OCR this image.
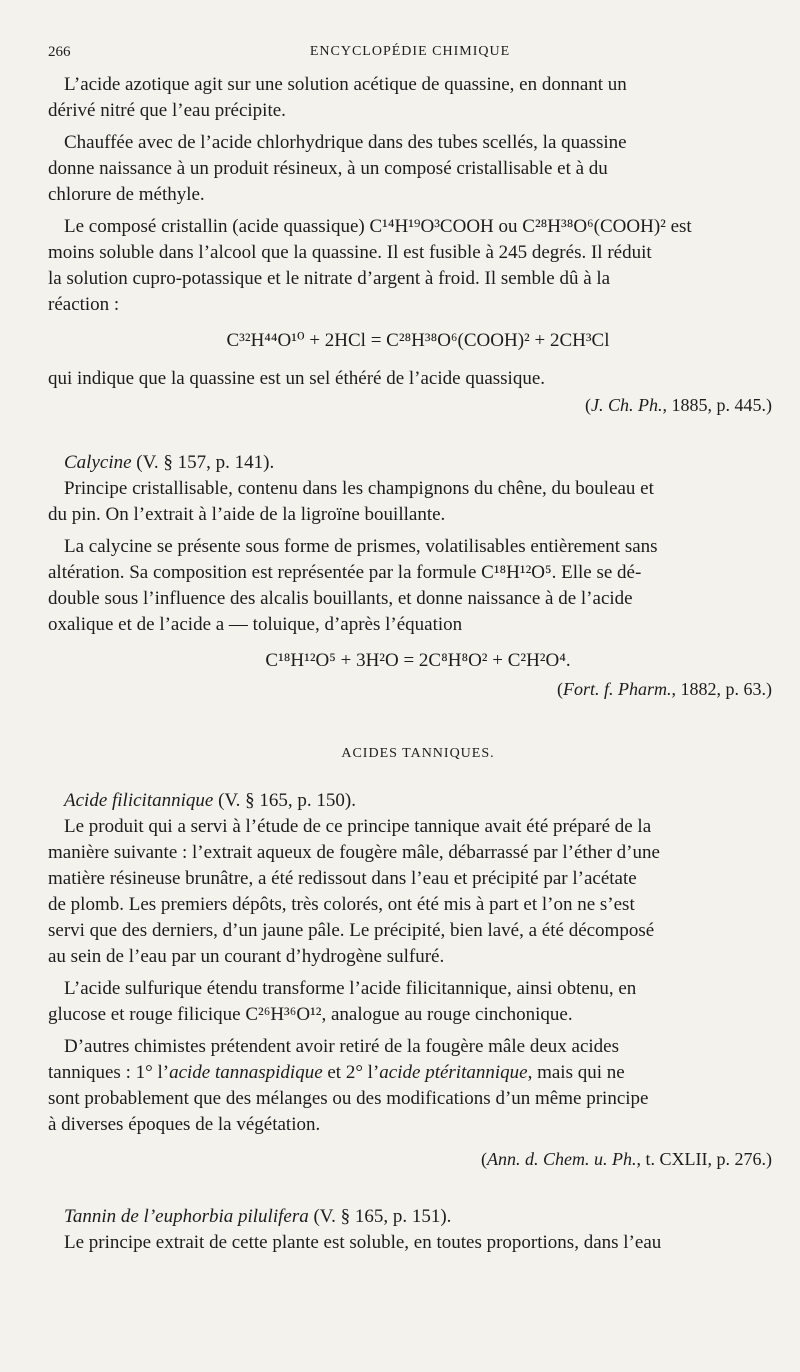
266	ENCYCLOPÉDIE CHIMIQUE

L’acide azotique agit sur une solution acétique de quassine, en donnant un
dérivé nitré que l’eau précipite.

Chauffée avec de l’acide chlorhydrique dans des tubes scellés, la quassine
donne naissance à un produit résineux, à un composé cristallisable et à du
chlorure de méthyle.

Le composé cristallin (acide quassique) C¹⁴H¹⁹O³COOH ou C²⁸H³⁸O⁶(COOH)² est
moins soluble dans l’alcool que la quassine. Il est fusible à 245 degrés. Il réduit
la solution cupro-potassique et le nitrate d’argent à froid. Il semble dû à la
réaction :

C³²H⁴⁴O¹⁰ + 2HCl = C²⁸H³⁸O⁶(COOH)² + 2CH³Cl

qui indique que la quassine est un sel éthéré de l’acide quassique.

(J. Ch. Ph., 1885, p. 445.)
Calycine (V. § 157, p. 141).

Principe cristallisable, contenu dans les champignons du chêne, du bouleau et
du pin. On l’extrait à l’aide de la ligroïne bouillante.

La calycine se présente sous forme de prismes, volatilisables entièrement sans
altération. Sa composition est représentée par la formule C¹⁸H¹²O⁵. Elle se dé-
double sous l’influence des alcalis bouillants, et donne naissance à de l’acide
oxalique et de l’acide a — toluique, d’après l’équation

C¹⁸H¹²O⁵ + 3H²O = 2C⁸H⁸O² + C²H²O⁴.
(Fort. f. Pharm., 1882, p. 63.)
ACIDES TANNIQUES.
Acide filicitannique (V. § 165, p. 150).

Le produit qui a servi à l’étude de ce principe tannique avait été préparé de la
manière suivante : l’extrait aqueux de fougère mâle, débarrassé par l’éther d’une
matière résineuse brunâtre, a été redissout dans l’eau et précipité par l’acétate
de plomb. Les premiers dépôts, très colorés, ont été mis à part et l’on ne s’est
servi que des derniers, d’un jaune pâle. Le précipité, bien lavé, a été décomposé
au sein de l’eau par un courant d’hydrogène sulfuré.

L’acide sulfurique étendu transforme l’acide filicitannique, ainsi obtenu, en
glucose et rouge filicique C²⁶H³⁶O¹², analogue au rouge cinchonique.

D’autres chimistes prétendent avoir retiré de la fougère mâle deux acides
tanniques : 1° l’acide tannaspidique et 2° l’acide ptéritannique, mais qui ne
sont probablement que des mélanges ou des modifications d’un même principe
à diverses époques de la végétation.

(Ann. d. Chem. u. Ph., t. CXLII, p. 276.)
Tannin de l’euphorbia pilulifera (V. § 165, p. 151).

Le principe extrait de cette plante est soluble, en toutes proportions, dans l’eau
